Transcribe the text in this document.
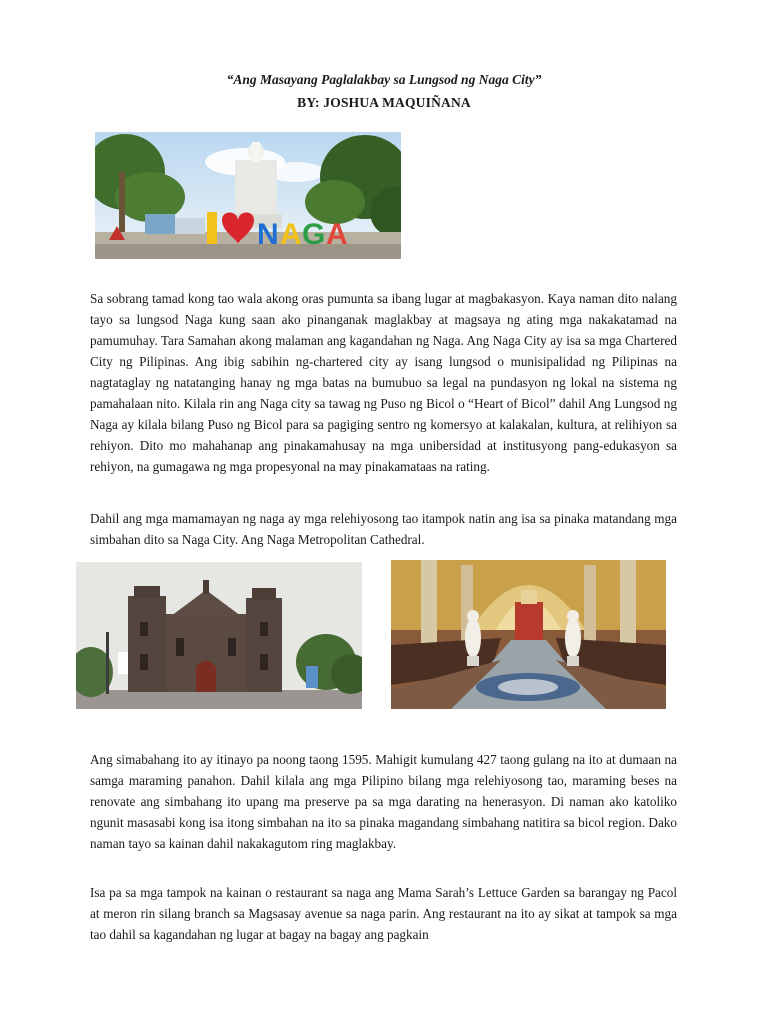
“Ang Masayang Paglalakbay sa Lungsod ng Naga City”
BY: JOSHUA MAQUIÑANA
N A G A

Sa sobrang tamad kong tao wala akong oras pumunta sa ibang lugar at magbakasyon. Kaya naman dito nalang tayo sa lungsod Naga kung saan ako pinanganak maglakbay at magsaya ng ating mga nakakatamad na pamumuhay. Tara Samahan akong malaman ang kagandahan ng Naga. Ang Naga City ay isa sa mga Chartered City ng Pilipinas. Ang ibig sabihin ng-chartered city ay isang lungsod o munisipalidad ng Pilipinas na nagtataglay ng natatanging hanay ng mga batas na bumubuo sa legal na pundasyon ng lokal na sistema ng pamahalaan nito. Kilala rin ang Naga city sa tawag ng Puso ng Bicol o “Heart of Bicol” dahil Ang Lungsod ng Naga ay kilala bilang Puso ng Bicol para sa pagiging sentro ng komersyo at kalakalan, kultura, at relihiyon sa rehiyon. Dito mo mahahanap ang pinakamahusay na mga unibersidad at institusyong pang-edukasyon sa rehiyon, na gumagawa ng mga propesyonal na may pinakamataas na rating.

Dahil ang mga mamamayan ng naga ay mga relehiyosong tao itampok natin ang isa sa pinaka matandang mga simbahan dito sa Naga City. Ang Naga Metropolitan Cathedral.

Ang simabahang ito ay itinayo pa noong taong 1595. Mahigit kumulang 427 taong gulang na ito at dumaan na samga maraming panahon. Dahil kilala ang mga Pilipino bilang mga relehiyosong tao, maraming beses na renovate ang simbahang ito upang ma preserve pa sa mga darating na henerasyon. Di naman ako katoliko ngunit masasabi kong isa itong simbahan na ito sa pinaka magandang simbahang natitira sa bicol region. Dako naman tayo sa kainan dahil nakakagutom ring maglakbay.

Isa pa sa mga tampok na kainan o restaurant sa naga ang Mama Sarah’s Lettuce Garden sa barangay ng Pacol at meron rin silang branch sa Magsasay avenue sa naga parin. Ang restaurant na ito ay sikat at tampok sa mga tao dahil sa kagandahan ng lugar at bagay na bagay ang pagkain
